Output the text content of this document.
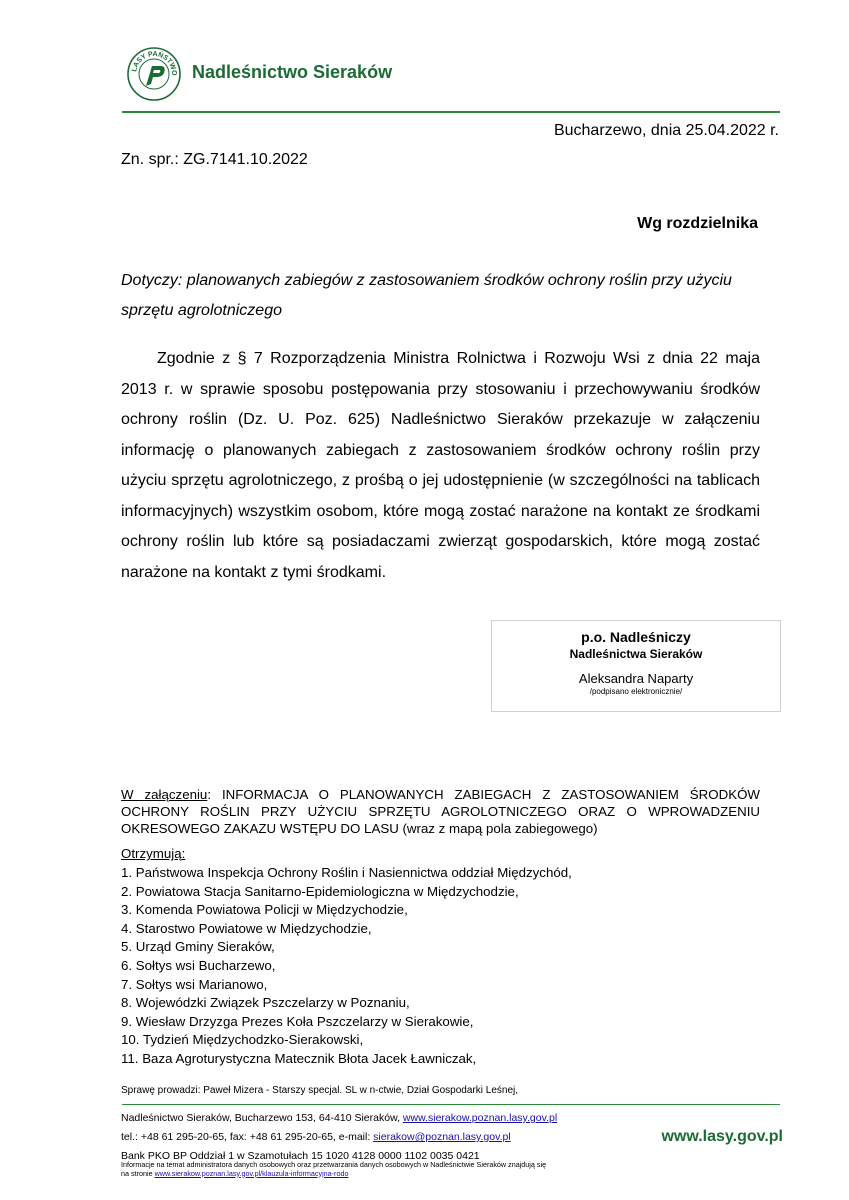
LASY PAŃSTWO Nadleśnictwo Sieraków
Bucharzewo, dnia 25.04.2022 r.
Zn. spr.: ZG.7141.10.2022
Wg rozdzielnika
Dotyczy: planowanych zabiegów z zastosowaniem środków ochrony roślin przy użyciu sprzętu agrolotniczego
Zgodnie z § 7 Rozporządzenia Ministra Rolnictwa i Rozwoju Wsi z dnia 22 maja 2013 r. w sprawie sposobu postępowania przy stosowaniu i przechowywaniu środków ochrony roślin (Dz. U. Poz. 625) Nadleśnictwo Sieraków przekazuje w załączeniu informację o planowanych zabiegach z zastosowaniem środków ochrony roślin przy użyciu sprzętu agrolotniczego, z prośbą o jej udostępnienie (w szczególności na tablicach informacyjnych) wszystkim osobom, które mogą zostać narażone na kontakt ze środkami ochrony roślin lub które są posiadaczami zwierząt gospodarskich, które mogą zostać narażone na kontakt z tymi środkami.
p.o. Nadleśniczy
Nadleśnictwa Sieraków
Aleksandra Naparty
/podpisano elektronicznie/
W załączeniu: INFORMACJA O PLANOWANYCH ZABIEGACH Z ZASTOSOWANIEM ŚRODKÓW OCHRONY ROŚLIN PRZY UŻYCIU SPRZĘTU AGROLOTNICZEGO ORAZ O WPROWADZENIU OKRESOWEGO ZAKAZU WSTĘPU DO LASU (wraz z mapą pola zabiegowego)
Otrzymują:
1. Państwowa Inspekcja Ochrony Roślin i Nasiennictwa oddział Międzychód,
2. Powiatowa Stacja Sanitarno-Epidemiologiczna w Międzychodzie,
3. Komenda Powiatowa Policji w Międzychodzie,
4. Starostwo Powiatowe w Międzychodzie,
5. Urząd Gminy Sieraków,
6. Sołtys wsi Bucharzewo,
7. Sołtys wsi Marianowo,
8. Wojewódzki Związek Pszczelarzy w Poznaniu,
9. Wiesław Drzyzga Prezes Koła Pszczelarzy w Sierakowie,
10. Tydzień Międzychodzko-Sierakowski,
11. Baza Agroturystyczna Matecznik Błota Jacek Ławniczak,
Sprawę prowadzi: Paweł Mizera - Starszy specjal. SL w n-ctwie, Dział Gospodarki Leśnej,
Nadleśnictwo Sieraków, Bucharzewo 153, 64-410 Sieraków, www.sierakow.poznan.lasy.gov.pl
tel.: +48 61 295-20-65, fax: +48 61 295-20-65, e-mail: sierakow@poznan.lasy.gov.pl
Bank PKO BP Oddział 1 w Szamotułach 15 1020 4128 0000 1102 0035 0421
Informacje na temat administratora danych osobowych oraz przetwarzania danych osobowych w Nadleśnictwie Sieraków znajdują się
na stronie www.sierakow.poznan.lasy.gov.pl/klauzula-informacyjna-rodo
www.lasy.gov.pl
